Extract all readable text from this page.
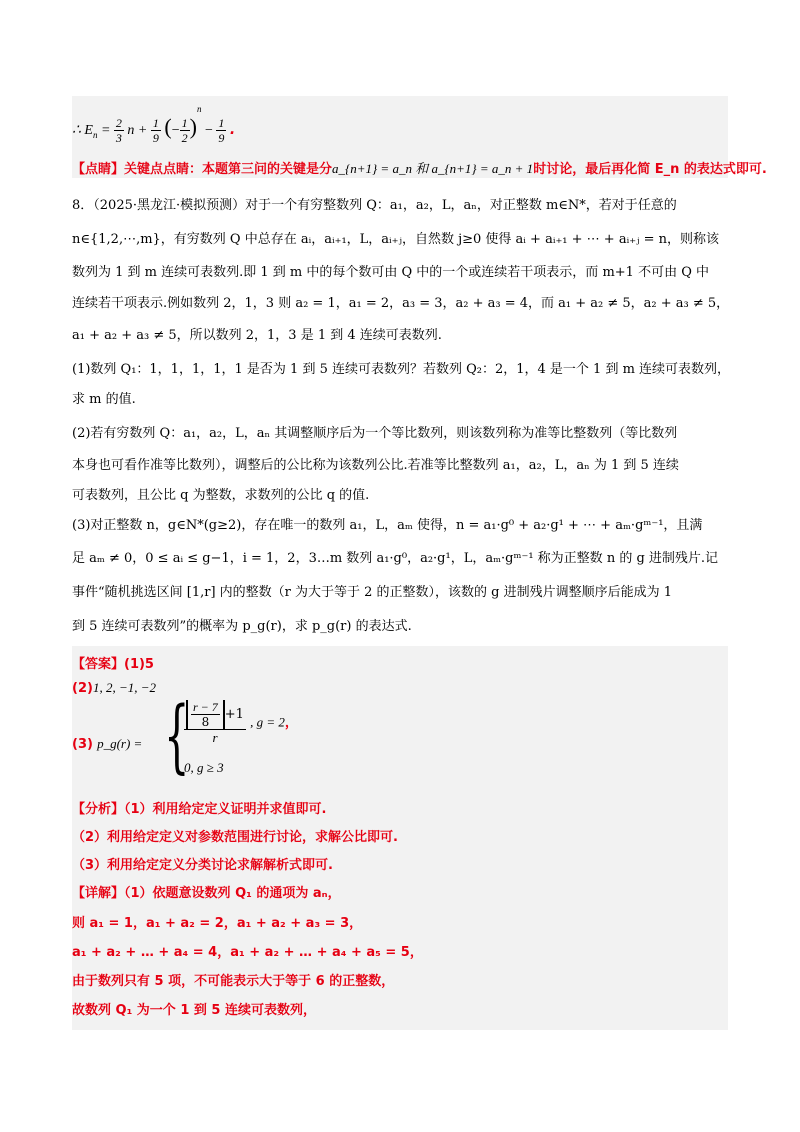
∴ $E_n = \frac{2}{3}$ $n + \frac{1}{9}$ (− $\frac{1}{2} )^n - \frac{1}{9}$ .
【点睛】关键点点睛：本题第三问的关键是分a_{n+1} = a_n 和 a_{n+1} = a_n + 1时讨论，最后再化简 E_n 的表达式即可.
8．（2025·黑龙江·模拟预测）对于一个有穷整数列 Q：a₁，a₂，L，aₙ，对正整数 m∈N*，若对于任意的
n∈{1,2,⋯,m}，有穷数列 Q 中总存在 aᵢ，aᵢ₊₁，L，aᵢ₊ⱼ，自然数 j≥0 使得 aᵢ + aᵢ₊₁ + ⋯ + aᵢ₊ⱼ = n，则称该
数列为 1 到 m 连续可表数列.即 1 到 m 中的每个数可由 Q 中的一个或连续若干项表示，而 m+1 不可由 Q 中
连续若干项表示.例如数列 2，1，3 则 a₂ = 1，a₁ = 2，a₃ = 3，a₂ + a₃ = 4，而 a₁ + a₂ ≠ 5，a₂ + a₃ ≠ 5，
a₁ + a₂ + a₃ ≠ 5，所以数列 2，1，3 是 1 到 4 连续可表数列.
(1)数列 Q₁：1，1，1，1，1 是否为 1 到 5 连续可表数列？若数列 Q₂：2，1，4 是一个 1 到 m 连续可表数列，
求 m 的值.
(2)若有穷数列 Q：a₁，a₂，L，aₙ 其调整顺序后为一个等比数列，则该数列称为准等比整数列（等比数列
本身也可看作准等比数列），调整后的公比称为该数列公比.若准等比整数列 a₁，a₂，L，aₙ 为 1 到 5 连续
可表数列，且公比 q 为整数，求数列的公比 q 的值.
(3)对正整数 n，g∈N*(g≥2)，存在唯一的数列 a₁，L，aₘ 使得，n = a₁·g⁰ + a₂·g¹ + ⋯ + aₘ·gᵐ⁻¹，且满
足 aₘ ≠ 0，0 ≤ aᵢ ≤ g−1，i = 1，2，3…m 数列 a₁·g⁰，a₂·g¹，L，aₘ·gᵐ⁻¹ 称为正整数 n 的 g 进制残片.记
事件“随机挑选区间 [1,r] 内的整数（r 为大于等于 2 的正整数），该数的 g 进制残片调整顺序后能成为 1
到 5 连续可表数列”的概率为 p_g(r)，求 p_g(r) 的表达式.
【答案】(1)5
(2)1, 2, −1, −2
(3) p_g(r) = {
$\frac{\frac{r - 7}{8} +1}{r}$ , g = 2，
0, g ≥ 3
【分析】（1）利用给定定义证明并求值即可.
（2）利用给定定义对参数范围进行讨论，求解公比即可.
（3）利用给定定义分类讨论求解解析式即可.
【详解】（1）依题意设数列 Q₁ 的通项为 aₙ，
则 a₁ = 1，a₁ + a₂ = 2，a₁ + a₂ + a₃ = 3，
a₁ + a₂ + … + a₄ = 4，a₁ + a₂ + … + a₄ + a₅ = 5，
由于数列只有 5 项，不可能表示大于等于 6 的正整数，
故数列 Q₁ 为一个 1 到 5 连续可表数列，
